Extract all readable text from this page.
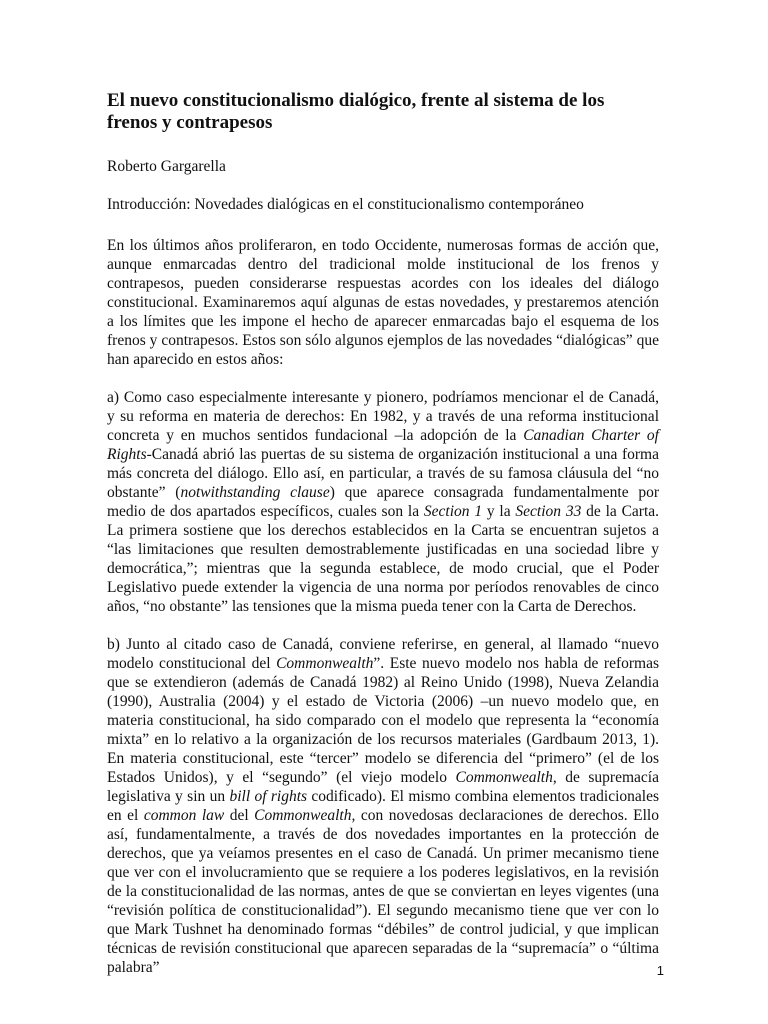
El nuevo constitucionalismo dialógico, frente al sistema de los frenos y contrapesos

Roberto Gargarella

Introducción: Novedades dialógicas en el constitucionalismo contemporáneo

En los últimos años proliferaron, en todo Occidente, numerosas formas de acción que, aunque enmarcadas dentro del tradicional molde institucional de los frenos y contrapesos, pueden considerarse respuestas acordes con los ideales del diálogo constitucional. Examinaremos aquí algunas de estas novedades, y prestaremos atención a los límites que les impone el hecho de aparecer enmarcadas bajo el esquema de los frenos y contrapesos. Estos son sólo algunos ejemplos de las novedades “dialógicas” que han aparecido en estos años:

a) Como caso especialmente interesante y pionero, podríamos mencionar el de Canadá, y su reforma en materia de derechos: En 1982, y a través de una reforma institucional concreta y en muchos sentidos fundacional –la adopción de la Canadian Charter of Rights-Canadá abrió las puertas de su sistema de organización institucional a una forma más concreta del diálogo. Ello así, en particular, a través de su famosa cláusula del “no obstante” (notwithstanding clause) que aparece consagrada fundamentalmente por medio de dos apartados específicos, cuales son la Section 1 y la Section 33 de la Carta. La primera sostiene que los derechos establecidos en la Carta se encuentran sujetos a “las limitaciones que resulten demostrablemente justificadas en una sociedad libre y democrática,”; mientras que la segunda establece, de modo crucial, que el Poder Legislativo puede extender la vigencia de una norma por períodos renovables de cinco años, “no obstante” las tensiones que la misma pueda tener con la Carta de Derechos.

b) Junto al citado caso de Canadá, conviene referirse, en general, al llamado “nuevo modelo constitucional del Commonwealth”. Este nuevo modelo nos habla de reformas que se extendieron (además de Canadá 1982) al Reino Unido (1998), Nueva Zelandia (1990), Australia (2004) y el estado de Victoria (2006) –un nuevo modelo que, en materia constitucional, ha sido comparado con el modelo que representa la “economía mixta” en lo relativo a la organización de los recursos materiales (Gardbaum 2013, 1). En materia constitucional, este “tercer” modelo se diferencia del “primero” (el de los Estados Unidos), y el “segundo” (el viejo modelo Commonwealth, de supremacía legislativa y sin un bill of rights codificado). El mismo combina elementos tradicionales en el common law del Commonwealth, con novedosas declaraciones de derechos. Ello así, fundamentalmente, a través de dos novedades importantes en la protección de derechos, que ya veíamos presentes en el caso de Canadá. Un primer mecanismo tiene que ver con el involucramiento que se requiere a los poderes legislativos, en la revisión de la constitucionalidad de las normas, antes de que se conviertan en leyes vigentes (una “revisión política de constitucionalidad”). El segundo mecanismo tiene que ver con lo que Mark Tushnet ha denominado formas “débiles” de control judicial, y que implican técnicas de revisión constitucional que aparecen separadas de la “supremacía” o “última palabra”	1
